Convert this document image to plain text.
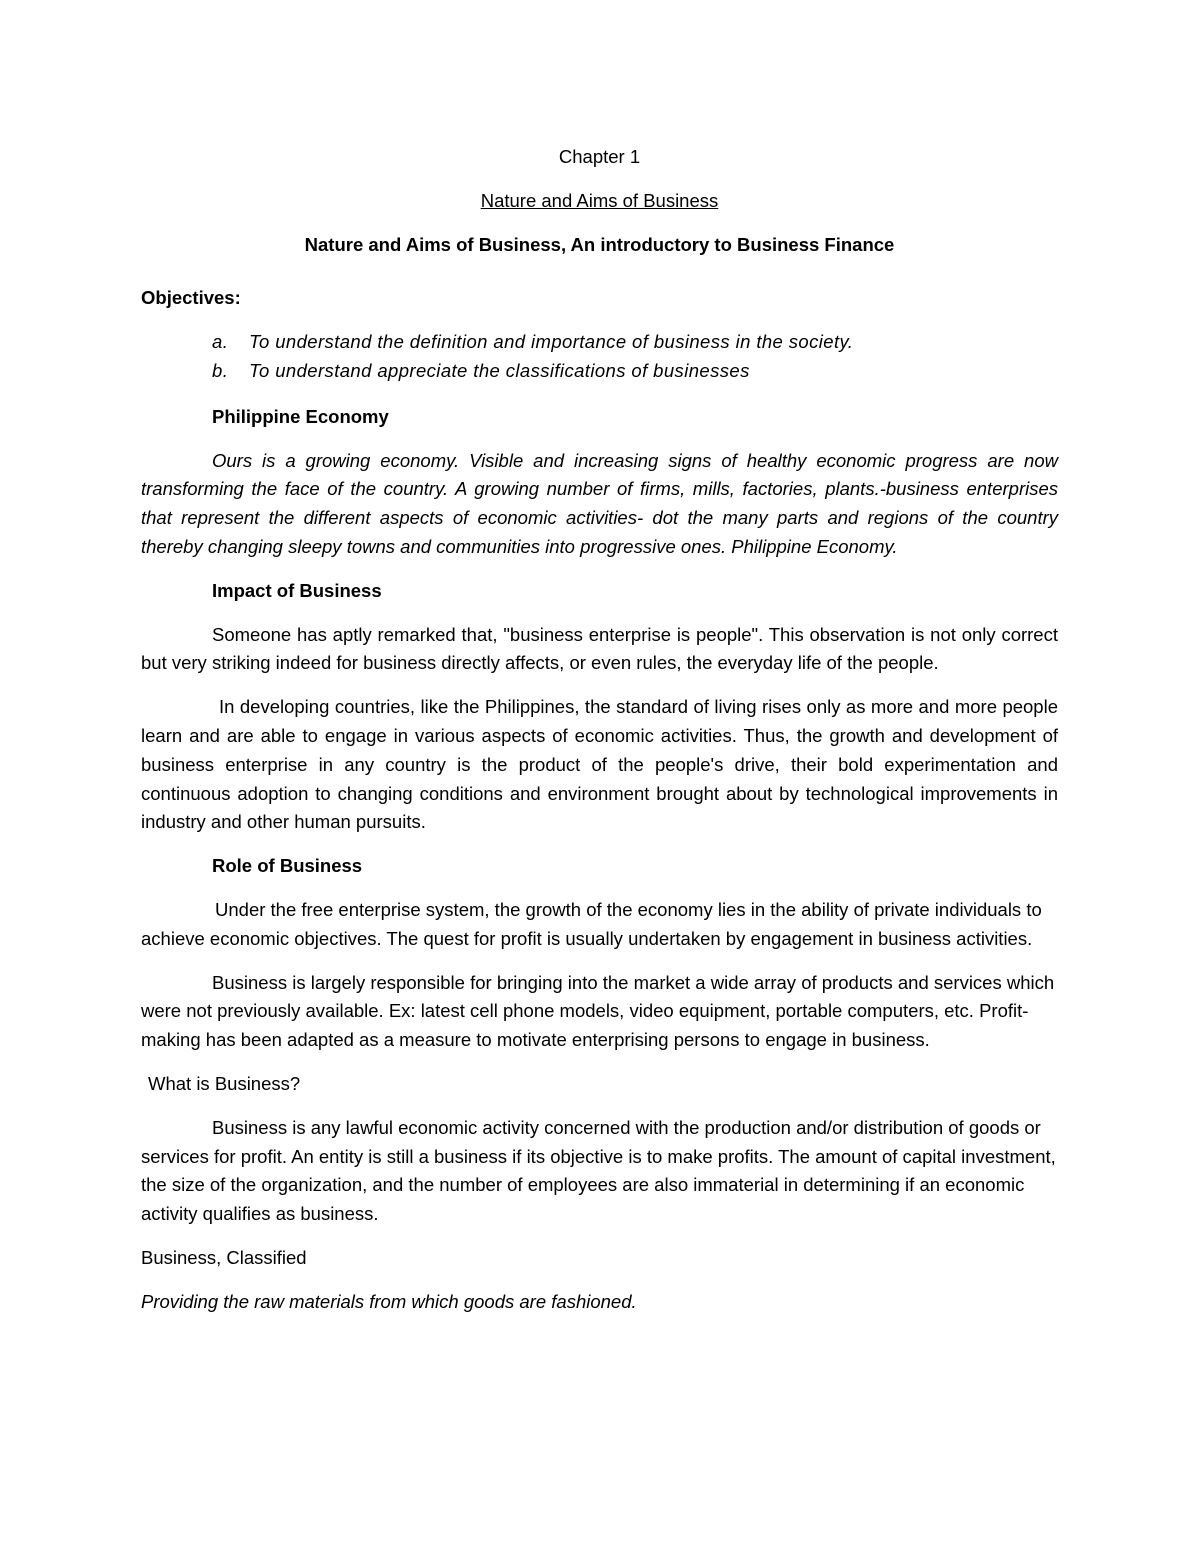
Chapter 1

Nature and Aims of Business

Nature and Aims of Business, An introductory to Business Finance

Objectives:

a. To understand the definition and importance of business in the society.
b. To understand appreciate the classifications of businesses

Philippine Economy

Ours is a growing economy. Visible and increasing signs of healthy economic progress are now transforming the face of the country. A growing number of firms, mills, factories, plants.-business enterprises that represent the different aspects of economic activities- dot the many parts and regions of the country thereby changing sleepy towns and communities into progressive ones. Philippine Economy.

Impact of Business

Someone has aptly remarked that, "business enterprise is people". This observation is not only correct but very striking indeed for business directly affects, or even rules, the everyday life of the people.

In developing countries, like the Philippines, the standard of living rises only as more and more people learn and are able to engage in various aspects of economic activities. Thus, the growth and development of business enterprise in any country is the product of the people's drive, their bold experimentation and continuous adoption to changing conditions and environment brought about by technological improvements in industry and other human pursuits.

Role of Business

Under the free enterprise system, the growth of the economy lies in the ability of private individuals to achieve economic objectives. The quest for profit is usually undertaken by engagement in business activities.

Business is largely responsible for bringing into the market a wide array of products and services which were not previously available. Ex: latest cell phone models, video equipment, portable computers, etc. Profit-making has been adapted as a measure to motivate enterprising persons to engage in business.

What is Business?

Business is any lawful economic activity concerned with the production and/or distribution of goods or services for profit. An entity is still a business if its objective is to make profits. The amount of capital investment, the size of the organization, and the number of employees are also immaterial in determining if an economic activity qualifies as business.

Business, Classified

Providing the raw materials from which goods are fashioned.
